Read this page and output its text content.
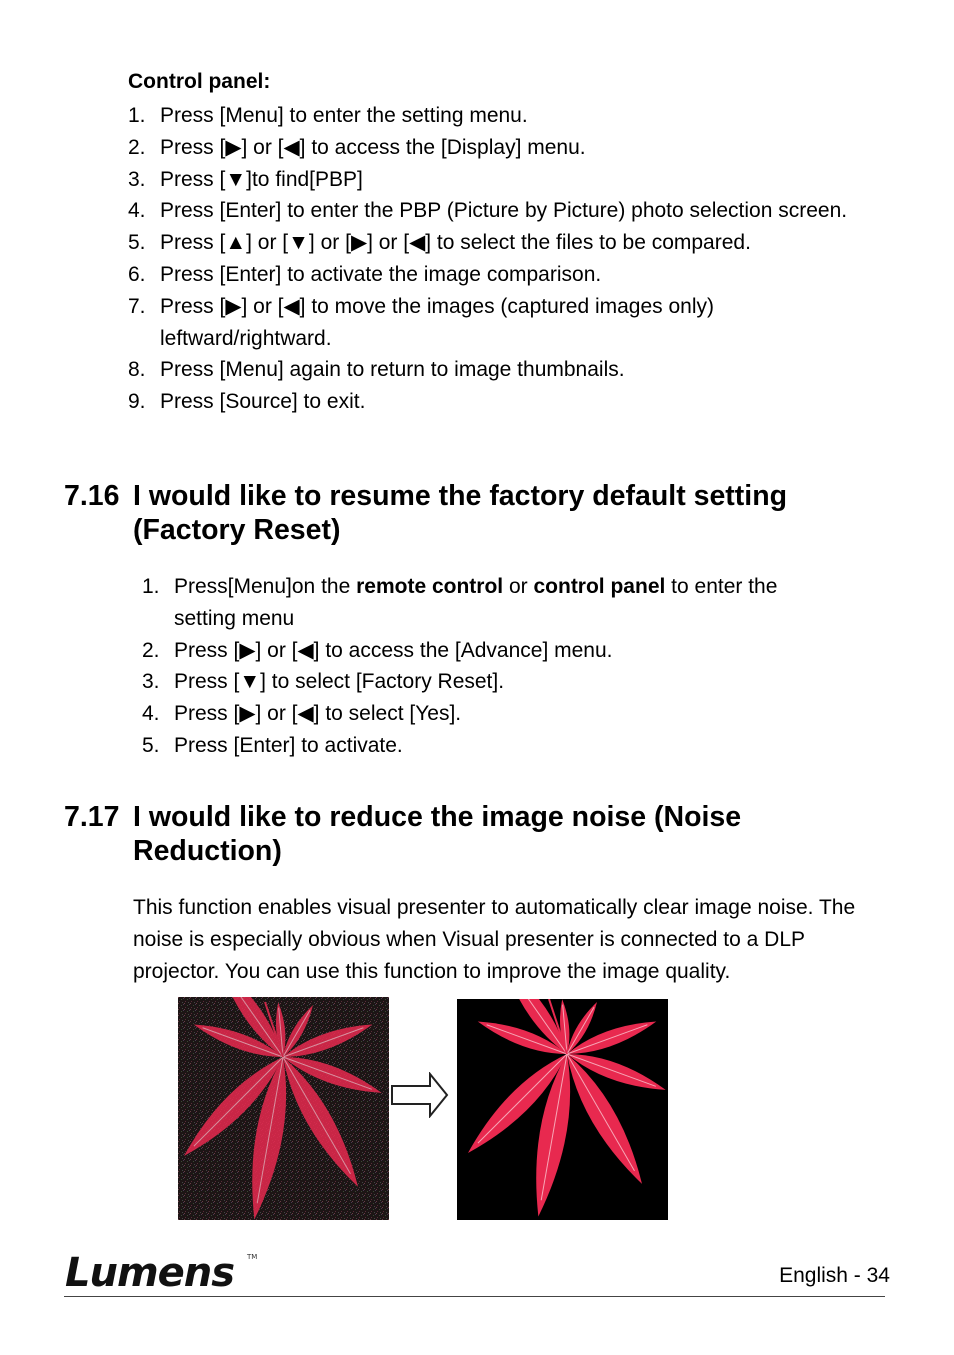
Control panel:
1. Press [Menu] to enter the setting menu.
2. Press [▶] or [◀] to access the [Display] menu.
3. Press [▼]to find[PBP]
4. Press [Enter] to enter the PBP (Picture by Picture) photo selection screen.
5. Press [▲] or [▼] or [▶] or [◀] to select the files to be compared.
6. Press [Enter] to activate the image comparison.
7. Press [▶] or [◀] to move the images (captured images only) leftward/rightward.
8. Press [Menu] again to return to image thumbnails.
9. Press [Source] to exit.
7.16 I would like to resume the factory default setting (Factory Reset)
1. Press[Menu]on the remote control or control panel to enter the setting menu
2. Press [▶] or [◀] to access the [Advance] menu.
3. Press [▼] to select [Factory Reset].
4. Press [▶] or [◀] to select [Yes].
5. Press [Enter] to activate.
7.17 I would like to reduce the image noise (Noise Reduction)
This function enables visual presenter to automatically clear image noise. The noise is especially obvious when Visual presenter is connected to a DLP projector. You can use this function to improve the image quality.
Lumens TM
English - 34
